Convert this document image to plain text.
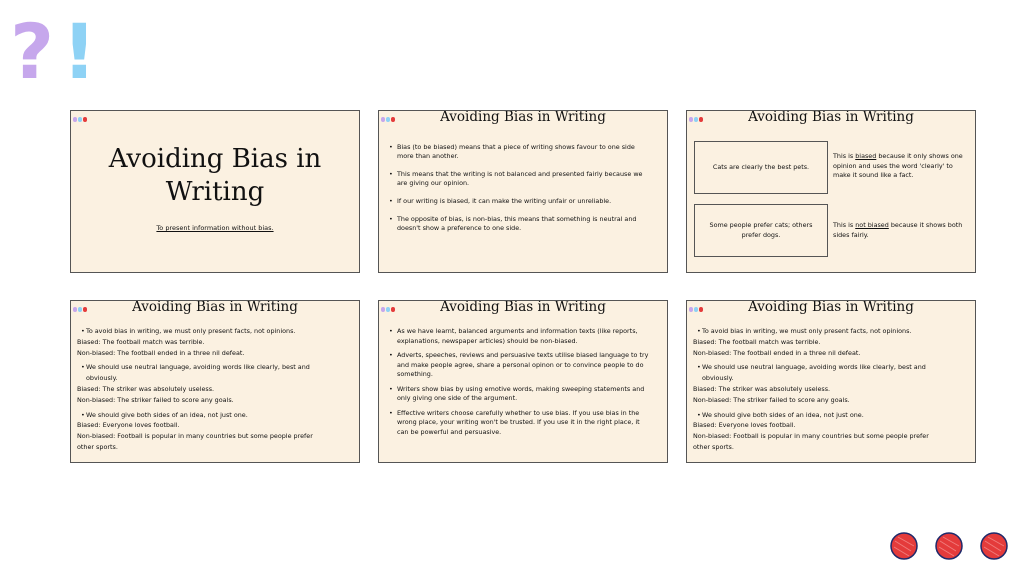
? !
Avoiding Bias in
Writing
To present information without bias.
Avoiding Bias in Writing
• Bias (to be biased) means that a piece of writing shows favour to one side more than another.
• This means that the writing is not balanced and presented fairly because we are giving our opinion.
• If our writing is biased, it can make the writing unfair or unreliable.
• The opposite of bias, is non-bias, this means that something is neutral and doesn't show a preference to one side.
Avoiding Bias in Writing
Cats are clearly the best pets.
This is biased because it only shows one opinion and uses the word 'clearly' to make it sound like a fact.
Some people prefer cats; others prefer dogs.
This is not biased because it shows both sides fairly.
Avoiding Bias in Writing
• To avoid bias in writing, we must only present facts, not opinions.
Biased: The football match was terrible.
Non-biased: The football ended in a three nil defeat.
• We should use neutral language, avoiding words like clearly, best and obviously.
Biased: The striker was absolutely useless.
Non-biased: The striker failed to score any goals.
• We should give both sides of an idea, not just one.
Biased: Everyone loves football.
Non-biased: Football is popular in many countries but some people prefer other sports.
Avoiding Bias in Writing
• As we have learnt, balanced arguments and information texts (like reports, explanations, newspaper articles) should be non-biased.
• Adverts, speeches, reviews and persuasive texts utilise biased language to try and make people agree, share a personal opinon or to convince people to do something.
• Writers show bias by using emotive words, making sweeping statements and only giving one side of the argument.
• Effective writers choose carefully whether to use bias. If you use bias in the wrong place, your writing won't be trusted. If you use it in the right place, it can be powerful and persuasive.
Avoiding Bias in Writing
• To avoid bias in writing, we must only present facts, not opinions.
Biased: The football match was terrible.
Non-biased: The football ended in a three nil defeat.
• We should use neutral language, avoiding words like clearly, best and obviously.
Biased: The striker was absolutely useless.
Non-biased: The striker failed to score any goals.
• We should give both sides of an idea, not just one.
Biased: Everyone loves football.
Non-biased: Football is popular in many countries but some people prefer other sports.
